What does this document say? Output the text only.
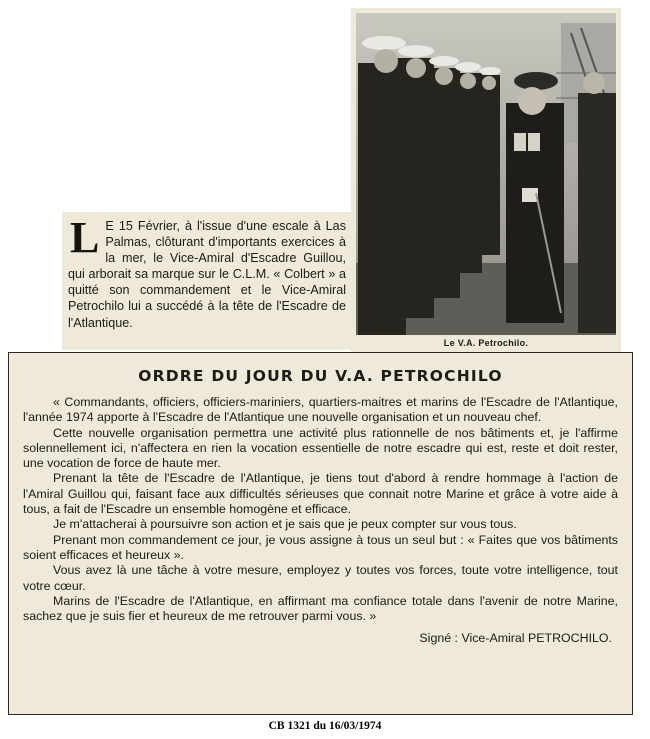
L E 15 Février, à l'issue d'une escale à Las Palmas, clôturant d'importants exercices à la mer, le Vice-Amiral d'Escadre Guillou, qui arborait sa marque sur le C.L.M. « Colbert » a quitté son commandement et le Vice-Amiral Petrochilo lui a succédé à la tête de l'Escadre de l'Atlantique.
Le V.A. Petrochilo.
ORDRE DU JOUR DU V.A. PETROCHILO

« Commandants, officiers, officiers-mariniers, quartiers-maitres et marins de l'Escadre de l'Atlantique, l'année 1974 apporte à l'Escadre de l'Atlantique une nouvelle organisation et un nouveau chef.

Cette nouvelle organisation permettra une activité plus rationnelle de nos bâtiments et, je l'affirme solennellement ici, n'affectera en rien la vocation essentielle de notre escadre qui est, reste et doit rester, une vocation de force de haute mer.

Prenant la tête de l'Escadre de l'Atlantique, je tiens tout d'abord à rendre hommage à l'action de l'Amiral Guillou qui, faisant face aux difficultés sérieuses que connait notre Marine et grâce à votre aide à tous, a fait de l'Escadre un ensemble homogène et efficace.

Je m'attacherai à poursuivre son action et je sais que je peux compter sur vous tous.

Prenant mon commandement ce jour, je vous assigne à tous un seul but : « Faites que vos bâtiments soient efficaces et heureux ».

Vous avez là une tâche à votre mesure, employez y toutes vos forces, toute votre intelligence, tout votre cœur.

Marins de l'Escadre de l'Atlantique, en affirmant ma confiance totale dans l'avenir de notre Marine, sachez que je suis fier et heureux de me retrouver parmi vous. »

Signé : Vice-Amiral PETROCHILO.

CB 1321 du 16/03/1974
